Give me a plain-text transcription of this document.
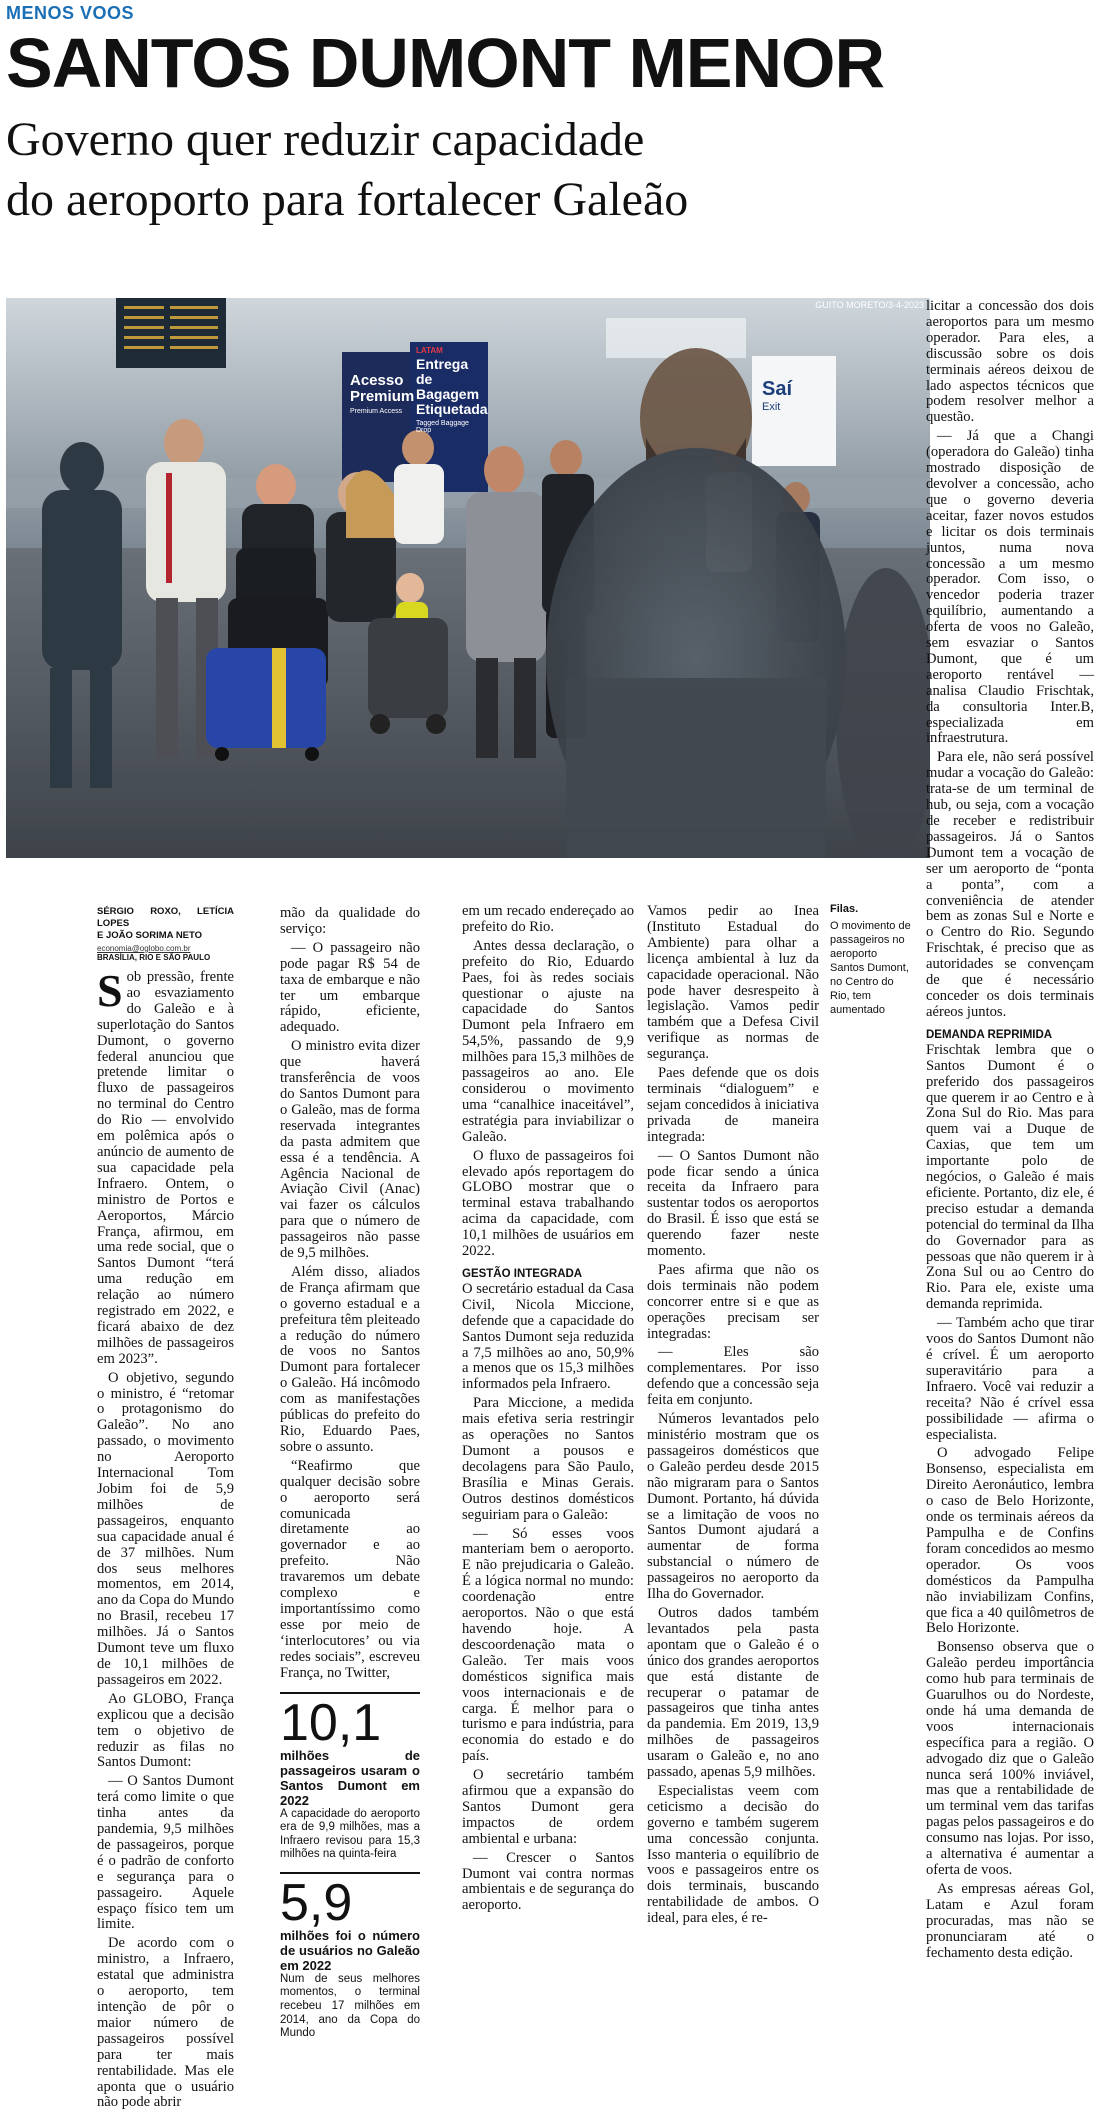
MENOS VOOS
SANTOS DUMONT MENOR
Governo quer reduzir capacidade
do aeroporto para fortalecer Galeão
Acesso Premium
Premium Access
LATAM
Entrega de Bagagem Etiquetada
Tagged Baggage Drop
Saí
Exit
GUITO MORETO/3-4-2023
SÉRGIO ROXO, LETÍCIA LOPES
E JOÃO SORIMA NETO
economia@oglobo.com.br
BRASÍLIA, RIO E SÃO PAULO

Sob pressão, frente ao esvaziamento do Galeão e à superlotação do Santos Dumont, o governo federal anunciou que pretende limitar o fluxo de passageiros no terminal do Centro do Rio — envolvido em polêmica após o anúncio de aumento de sua capacidade pela Infraero. Ontem, o ministro de Portos e Aeroportos, Márcio França, afirmou, em uma rede social, que o Santos Dumont “terá uma redução em relação ao número registrado em 2022, e ficará abaixo de dez milhões de passageiros em 2023”.

O objetivo, segundo o ministro, é “retomar o protagonismo do Galeão”. No ano passado, o movimento no Aeroporto Internacional Tom Jobim foi de 5,9 milhões de passageiros, enquanto sua capacidade anual é de 37 milhões. Num dos seus melhores momentos, em 2014, ano da Copa do Mundo no Brasil, recebeu 17 milhões. Já o Santos Dumont teve um fluxo de 10,1 milhões de passageiros em 2022.

Ao GLOBO, França explicou que a decisão tem o objetivo de reduzir as filas no Santos Dumont:

— O Santos Dumont terá como limite o que tinha antes da pandemia, 9,5 milhões de passageiros, porque é o padrão de conforto e segurança para o passageiro. Aquele espaço físico tem um limite.

De acordo com o ministro, a Infraero, estatal que administra o aeroporto, tem intenção de pôr o maior número de passageiros possível para ter mais rentabilidade. Mas ele aponta que o usuário não pode abrir

mão da qualidade do serviço:

— O passageiro não pode pagar R$ 54 de taxa de embarque e não ter um embarque rápido, eficiente, adequado.

O ministro evita dizer que haverá transferência de voos do Santos Dumont para o Galeão, mas de forma reservada integrantes da pasta admitem que essa é a tendência. A Agência Nacional de Aviação Civil (Anac) vai fazer os cálculos para que o número de passageiros não passe de 9,5 milhões.

Além disso, aliados de França afirmam que o governo estadual e a prefeitura têm pleiteado a redução do número de voos no Santos Dumont para fortalecer o Galeão. Há incômodo com as manifestações públicas do prefeito do Rio, Eduardo Paes, sobre o assunto.

“Reafirmo que qualquer decisão sobre o aeroporto será comunicada diretamente ao governador e ao prefeito. Não travaremos um debate complexo e importantíssimo como esse por meio de ‘interlocutores’ ou via redes sociais”, escreveu França, no Twitter,

10,1
milhões de passageiros usaram o Santos Dumont em 2022
A capacidade do aeroporto era de 9,9 milhões, mas a Infraero revisou para 15,3 milhões na quinta-feira
5,9
milhões foi o número de usuários no Galeão em 2022
Num de seus melhores momentos, o terminal recebeu 17 milhões em 2014, ano da Copa do Mundo

em um recado endereçado ao prefeito do Rio.

Antes dessa declaração, o prefeito do Rio, Eduardo Paes, foi às redes sociais questionar o ajuste na capacidade do Santos Dumont pela Infraero em 54,5%, passando de 9,9 milhões para 15,3 milhões de passageiros ao ano. Ele considerou o movimento uma “canalhice inaceitável”, estratégia para inviabilizar o Galeão.

O fluxo de passageiros foi elevado após reportagem do GLOBO mostrar que o terminal estava trabalhando acima da capacidade, com 10,1 milhões de usuários em 2022.

GESTÃO INTEGRADA

O secretário estadual da Casa Civil, Nicola Miccione, defende que a capacidade do Santos Dumont seja reduzida a 7,5 milhões ao ano, 50,9% a menos que os 15,3 milhões informados pela Infraero.

Para Miccione, a medida mais efetiva seria restringir as operações no Santos Dumont a pousos e decolagens para São Paulo, Brasília e Minas Gerais. Outros destinos domésticos seguiriam para o Galeão:

— Só esses voos manteriam bem o aeroporto. E não prejudicaria o Galeão. É a lógica normal no mundo: coordenação entre aeroportos. Não o que está havendo hoje. A descoordenação mata o Galeão. Ter mais voos domésticos significa mais voos internacionais e de carga. É melhor para o turismo e para indústria, para economia do estado e do país.

O secretário também afirmou que a expansão do Santos Dumont gera impactos de ordem ambiental e urbana:

— Crescer o Santos Dumont vai contra normas ambientais e de segurança do aeroporto.

Vamos pedir ao Inea (Instituto Estadual do Ambiente) para olhar a licença ambiental à luz da capacidade operacional. Não pode haver desrespeito à legislação. Vamos pedir também que a Defesa Civil verifique as normas de segurança.

Paes defende que os dois terminais “dialoguem” e sejam concedidos à iniciativa privada de maneira integrada:

— O Santos Dumont não pode ficar sendo a única receita da Infraero para sustentar todos os aeroportos do Brasil. É isso que está se querendo fazer neste momento.

Paes afirma que não os dois terminais não podem concorrer entre si e que as operações precisam ser integradas:

— Eles são complementares. Por isso defendo que a concessão seja feita em conjunto.

Números levantados pelo ministério mostram que os passageiros domésticos que o Galeão perdeu desde 2015 não migraram para o Santos Dumont. Portanto, há dúvida se a limitação de voos no Santos Dumont ajudará a aumentar de forma substancial o número de passageiros no aeroporto da Ilha do Governador.

Outros dados também levantados pela pasta apontam que o Galeão é o único dos grandes aeroportos que está distante de recuperar o patamar de passageiros que tinha antes da pandemia. Em 2019, 13,9 milhões de passageiros usaram o Galeão e, no ano passado, apenas 5,9 milhões.

Especialistas veem com ceticismo a decisão do governo e também sugerem uma concessão conjunta. Isso manteria o equilíbrio de voos e passageiros entre os dois terminais, buscando rentabilidade de ambos. O ideal, para eles, é re-

Filas.
O movimento de passageiros no aeroporto Santos Dumont, no Centro do Rio, tem aumentado

licitar a concessão dos dois aeroportos para um mesmo operador. Para eles, a discussão sobre os dois terminais aéreos deixou de lado aspectos técnicos que podem resolver melhor a questão.

— Já que a Changi (operadora do Galeão) tinha mostrado disposição de devolver a concessão, acho que o governo deveria aceitar, fazer novos estudos e licitar os dois terminais juntos, numa nova concessão a um mesmo operador. Com isso, o vencedor poderia trazer equilíbrio, aumentando a oferta de voos no Galeão, sem esvaziar o Santos Dumont, que é um aeroporto rentável — analisa Claudio Frischtak, da consultoria Inter.B, especializada em infraestrutura.

Para ele, não será possível mudar a vocação do Galeão: trata-se de um terminal de hub, ou seja, com a vocação de receber e redistribuir passageiros. Já o Santos Dumont tem a vocação de ser um aeroporto de “ponta a ponta”, com a conveniência de atender bem as zonas Sul e Norte e o Centro do Rio. Segundo Frischtak, é preciso que as autoridades se convençam de que é necessário conceder os dois terminais aéreos juntos.

DEMANDA REPRIMIDA

Frischtak lembra que o Santos Dumont é o preferido dos passageiros que querem ir ao Centro e à Zona Sul do Rio. Mas para quem vai a Duque de Caxias, que tem um importante polo de negócios, o Galeão é mais eficiente. Portanto, diz ele, é preciso estudar a demanda potencial do terminal da Ilha do Governador para as pessoas que não querem ir à Zona Sul ou ao Centro do Rio. Para ele, existe uma demanda reprimida.

— Também acho que tirar voos do Santos Dumont não é crível. É um aeroporto superavitário para a Infraero. Você vai reduzir a receita? Não é crível essa possibilidade — afirma o especialista.

O advogado Felipe Bonsenso, especialista em Direito Aeronáutico, lembra o caso de Belo Horizonte, onde os terminais aéreos da Pampulha e de Confins foram concedidos ao mesmo operador. Os voos domésticos da Pampulha não inviabilizam Confins, que fica a 40 quilômetros de Belo Horizonte.

Bonsenso observa que o Galeão perdeu importância como hub para terminais de Guarulhos ou do Nordeste, onde há uma demanda de voos internacionais específica para a região. O advogado diz que o Galeão nunca será 100% inviável, mas que a rentabilidade de um terminal vem das tarifas pagas pelos passageiros e do consumo nas lojas. Por isso, a alternativa é aumentar a oferta de voos.

As empresas aéreas Gol, Latam e Azul foram procuradas, mas não se pronunciaram até o fechamento desta edição.
